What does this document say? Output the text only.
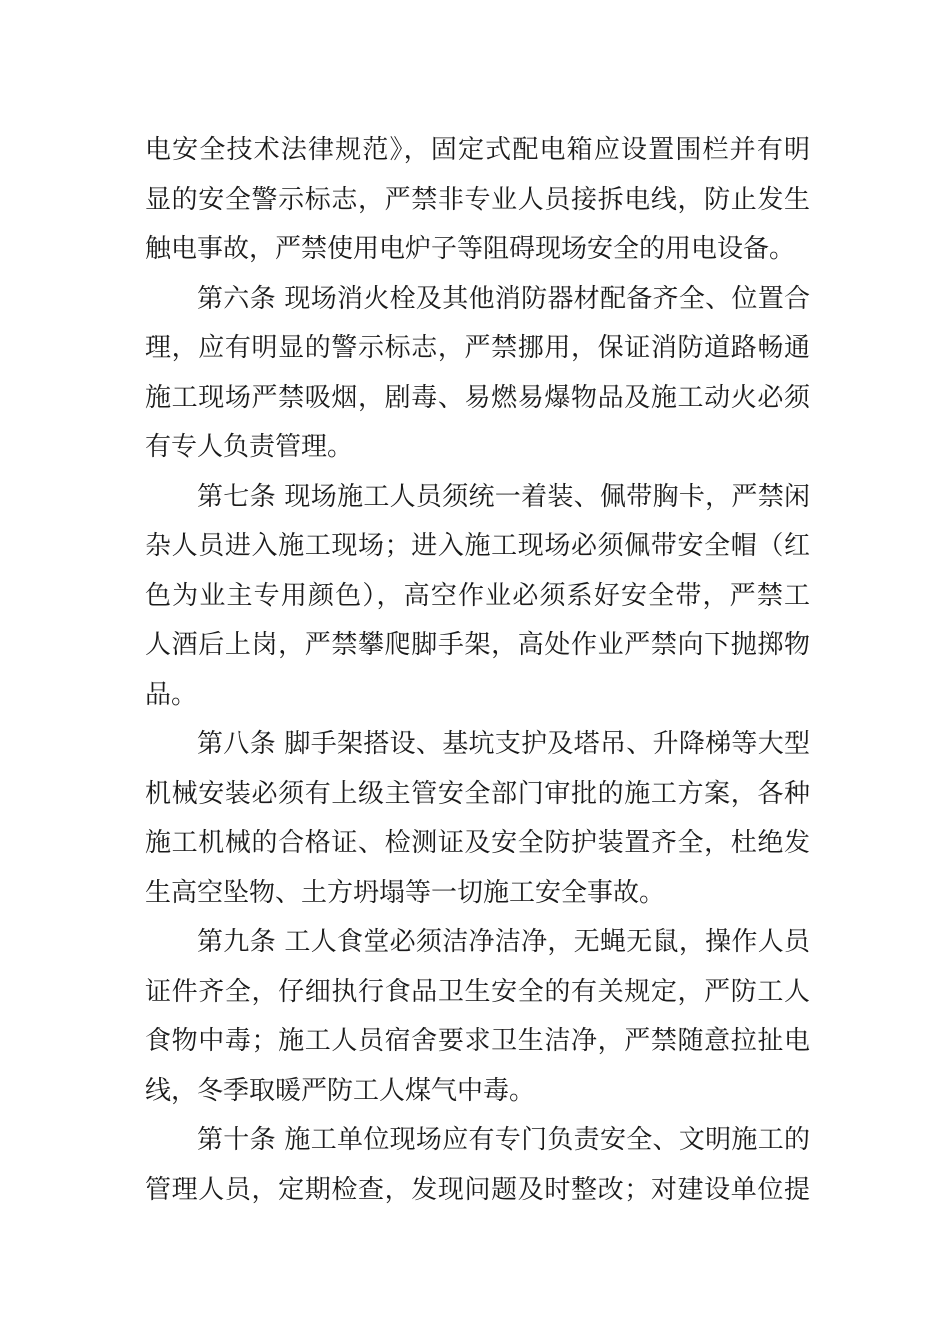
电安全技术法律规范》，固定式配电箱应设置围栏并有明
显的安全警示标志，严禁非专业人员接拆电线，防止发生
触电事故，严禁使用电炉子等阻碍现场安全的用电设备。
第六条 现场消火栓及其他消防器材配备齐全、位置合
理，应有明显的警示标志，严禁挪用，保证消防道路畅通
施工现场严禁吸烟，剧毒、易燃易爆物品及施工动火必须
有专人负责管理。
第七条 现场施工人员须统一着装、佩带胸卡，严禁闲
杂人员进入施工现场；进入施工现场必须佩带安全帽（红
色为业主专用颜色），高空作业必须系好安全带，严禁工
人酒后上岗，严禁攀爬脚手架，高处作业严禁向下抛掷物
品。
第八条 脚手架搭设、基坑支护及塔吊、升降梯等大型
机械安装必须有上级主管安全部门审批的施工方案，各种
施工机械的合格证、检测证及安全防护装置齐全，杜绝发
生高空坠物、土方坍塌等一切施工安全事故。
第九条 工人食堂必须洁净洁净，无蝇无鼠，操作人员
证件齐全，仔细执行食品卫生安全的有关规定，严防工人
食物中毒；施工人员宿舍要求卫生洁净，严禁随意拉扯电
线，冬季取暖严防工人煤气中毒。
第十条 施工单位现场应有专门负责安全、文明施工的
管理人员，定期检查，发现问题及时整改；对建设单位提
